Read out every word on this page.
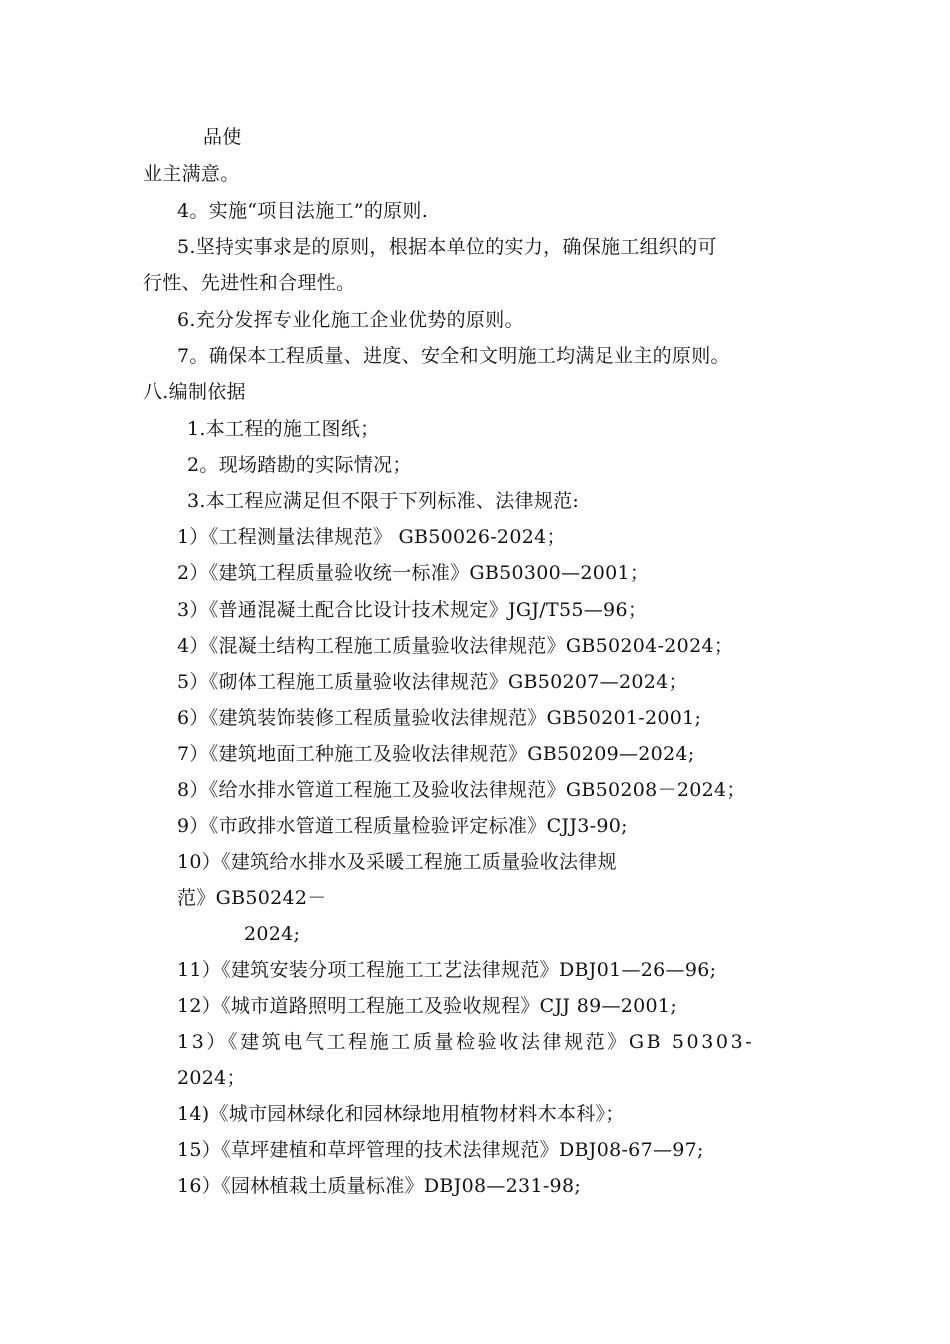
品使
业主满意。
4。实施“项目法施工”的原则.
5.坚持实事求是的原则，根据本单位的实力，确保施工组织的可
行性、先进性和合理性。
6.充分发挥专业化施工企业优势的原则。
7。确保本工程质量、进度、安全和文明施工均满足业主的原则。
八.编制依据
1.本工程的施工图纸；
2。现场踏勘的实际情况；
3.本工程应满足但不限于下列标准、法律规范:
1）《工程测量法律规范》 GB50026-2024；
2）《建筑工程质量验收统一标准》GB50300—2001；
3）《普通混凝土配合比设计技术规定》JGJ/T55—96；
4）《混凝土结构工程施工质量验收法律规范》GB50204-2024；
5）《砌体工程施工质量验收法律规范》GB50207—2024；
6）《建筑装饰装修工程质量验收法律规范》GB50201-2001;
7）《建筑地面工种施工及验收法律规范》GB50209—2024;
8）《给水排水管道工程施工及验收法律规范》GB50208－2024；
9）《市政排水管道工程质量检验评定标准》CJJ3-90;
10）《建筑给水排水及采暖工程施工质量验收法律规
范》GB50242－
2024;
11）《建筑安装分项工程施工工艺法律规范》DBJ01—26—96;
12）《城市道路照明工程施工及验收规程》CJJ 89—2001;
13）《建筑电气工程施工质量检验收法律规范》GB 50303-
2024；
14)《城市园林绿化和园林绿地用植物材料木本科》；
15）《草坪建植和草坪管理的技术法律规范》DBJ08-67—97;
16）《园林植栽土质量标准》DBJ08—231-98;
